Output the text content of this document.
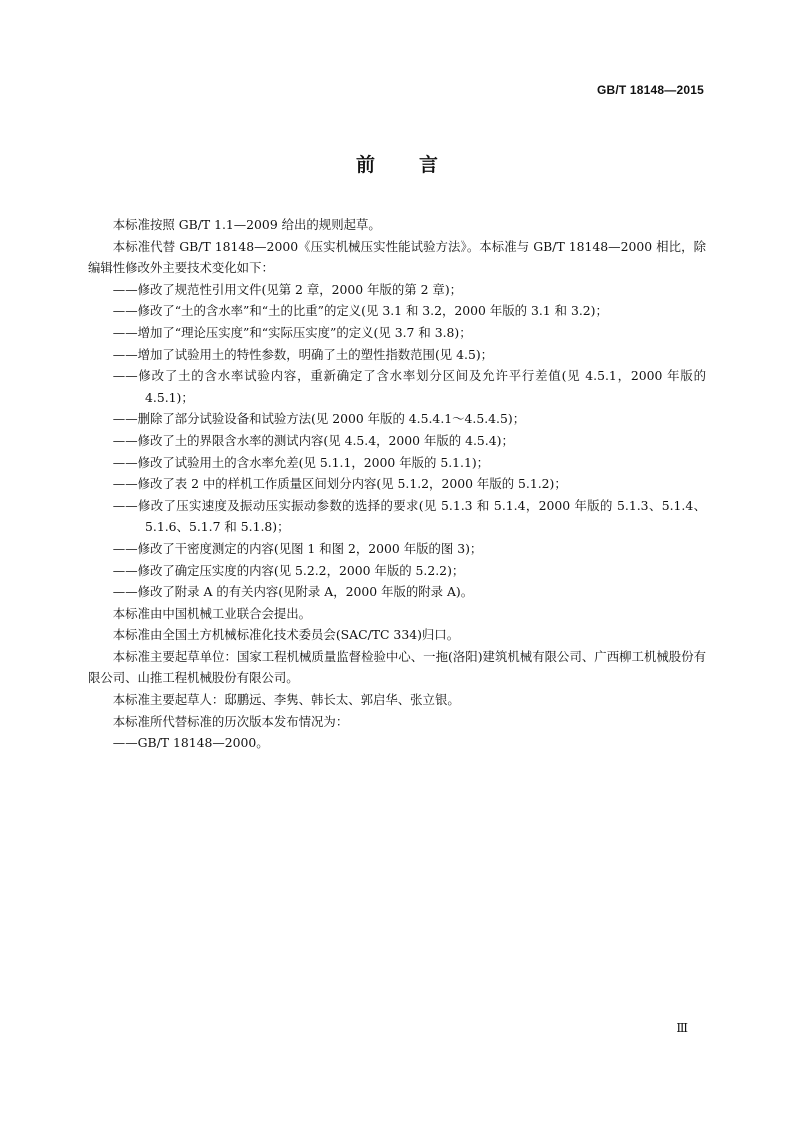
GB/T 18148—2015
前言

本标准按照 GB/T 1.1—2009 给出的规则起草。

本标准代替 GB/T 18148—2000《压实机械压实性能试验方法》。本标准与 GB/T 18148—2000 相比，除编辑性修改外主要技术变化如下：

——修改了规范性引用文件(见第 2 章，2000 年版的第 2 章)；

——修改了“土的含水率”和“土的比重”的定义(见 3.1 和 3.2，2000 年版的 3.1 和 3.2)；

——增加了“理论压实度”和“实际压实度”的定义(见 3.7 和 3.8)；

——增加了试验用土的特性参数，明确了土的塑性指数范围(见 4.5)；

——修改了土的含水率试验内容，重新确定了含水率划分区间及允许平行差值(见 4.5.1，2000 年版的 4.5.1)；

——删除了部分试验设备和试验方法(见 2000 年版的 4.5.4.1～4.5.4.5)；

——修改了土的界限含水率的测试内容(见 4.5.4，2000 年版的 4.5.4)；

——修改了试验用土的含水率允差(见 5.1.1，2000 年版的 5.1.1)；

——修改了表 2 中的样机工作质量区间划分内容(见 5.1.2，2000 年版的 5.1.2)；

——修改了压实速度及振动压实振动参数的选择的要求(见 5.1.3 和 5.1.4，2000 年版的 5.1.3、5.1.4、5.1.6、5.1.7 和 5.1.8)；

——修改了干密度测定的内容(见图 1 和图 2，2000 年版的图 3)；

——修改了确定压实度的内容(见 5.2.2，2000 年版的 5.2.2)；

——修改了附录 A 的有关内容(见附录 A，2000 年版的附录 A)。

本标准由中国机械工业联合会提出。

本标准由全国土方机械标准化技术委员会(SAC/TC 334)归口。

本标准主要起草单位：国家工程机械质量监督检验中心、一拖(洛阳)建筑机械有限公司、广西柳工机械股份有限公司、山推工程机械股份有限公司。

本标准主要起草人：邸鹏远、李隽、韩长太、郭启华、张立银。

本标准所代替标准的历次版本发布情况为：

——GB/T 18148—2000。

Ⅲ
